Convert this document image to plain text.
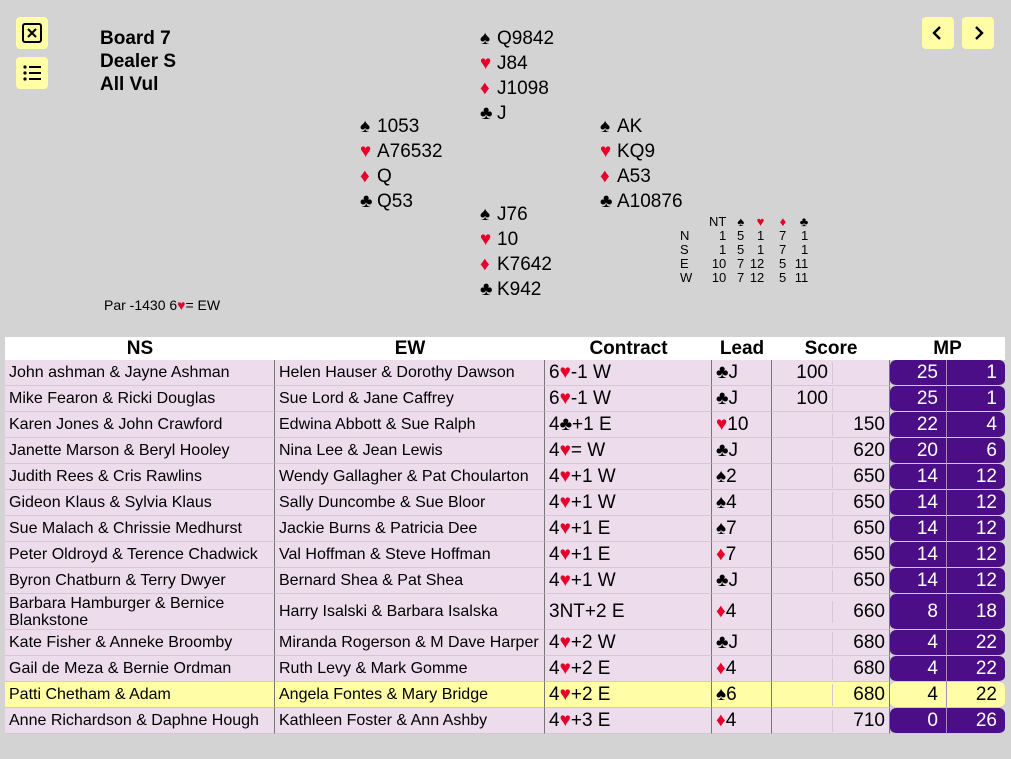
Board 7
Dealer S
All Vul
♠ Q9842
♥ J84
♦ J1098
♣ J
♠ 1053
♥ A76532
♦ Q
♣ Q53
♠ AK
♥ KQ9
♦ A53
♣ A10876
♠ J76
♥ 10
♦ K7642
♣ K942
	NT	♠	♥	♦	♣
N	1	5	1	7	1
S	1	5	1	7	1
E	10	7	12	5	11
W	10	7	12	5	11
Par -1430 6♥= EW
NS	EW	Contract	Lead	Score	MP	
John ashman & Jayne Ashman	Helen Hauser & Dorothy Dawson	6♥-1 W	♣J	100	25	1
Mike Fearon & Ricki Douglas	Sue Lord & Jane Caffrey	6♥-1 W	♣J	100	25	1
Karen Jones & John Crawford	Edwina Abbott & Sue Ralph	4♣+1 E	♥10	150	22	4
Janette Marson & Beryl Hooley	Nina Lee & Jean Lewis	4♥= W	♣J	620	20	6
Judith Rees & Cris Rawlins	Wendy Gallagher & Pat Choularton	4♥+1 W	♠2	650	14	12
Gideon Klaus & Sylvia Klaus	Sally Duncombe & Sue Bloor	4♥+1 W	♠4	650	14	12
Sue Malach & Chrissie Medhurst	Jackie Burns & Patricia Dee	4♥+1 E	♠7	650	14	12
Peter Oldroyd & Terence Chadwick	Val Hoffman & Steve Hoffman	4♥+1 E	♦7	650	14	12
Byron Chatburn & Terry Dwyer	Bernard Shea & Pat Shea	4♥+1 W	♣J	650	14	12
Barbara Hamburger & Bernice Blankstone	Harry Isalski & Barbara Isalska	3NT+2 E	♦4	660	8	18
Kate Fisher & Anneke Broomby	Miranda Rogerson & M Dave Harper	4♥+2 W	♣J	680	4	22
Gail de Meza & Bernie Ordman	Ruth Levy & Mark Gomme	4♥+2 E	♦4	680	4	22
Patti Chetham & Adam	Angela Fontes & Mary Bridge	4♥+2 E	♠6	680	4	22
Anne Richardson & Daphne Hough	Kathleen Foster & Ann Ashby	4♥+3 E	♦4	710	0	26
